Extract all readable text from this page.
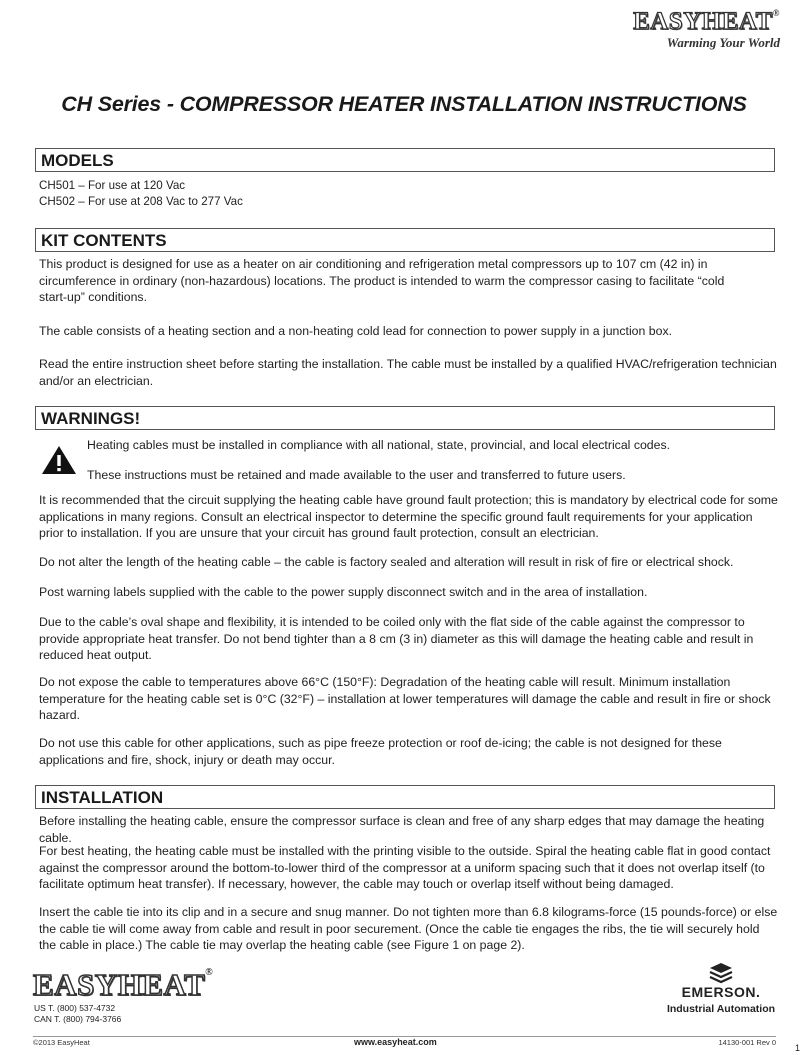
EASYHEAT®
Warming Your World
CH Series - COMPRESSOR HEATER INSTALLATION INSTRUCTIONS
MODELS

CH501 – For use at 120 Vac

CH502 – For use at 208 Vac to 277 Vac

KIT CONTENTS

This product is designed for use as a heater on air conditioning and refrigeration metal compressors up to 107 cm (42 in) in circumference in ordinary (non-hazardous) locations. The product is intended to warm the compressor casing to facilitate “cold start-up” conditions.

The cable consists of a heating section and a non-heating cold lead for connection to power supply in a junction box.

Read the entire instruction sheet before starting the installation. The cable must be installed by a qualified HVAC/refrigeration technician and/or an electrician.

WARNINGS!

Heating cables must be installed in compliance with all national, state, provincial, and local electrical codes.

These instructions must be retained and made available to the user and transferred to future users.

It is recommended that the circuit supplying the heating cable have ground fault protection; this is mandatory by electrical code for some applications in many regions. Consult an electrical inspector to determine the specific ground fault requirements for your application prior to installation. If you are unsure that your circuit has ground fault protection, consult an electrician.

Do not alter the length of the heating cable – the cable is factory sealed and alteration will result in risk of fire or electrical shock.

Post warning labels supplied with the cable to the power supply disconnect switch and in the area of installation.

Due to the cable’s oval shape and flexibility, it is intended to be coiled only with the flat side of the cable against the compressor to provide appropriate heat transfer. Do not bend tighter than a 8 cm (3 in) diameter as this will damage the heating cable and result in reduced heat output.

Do not expose the cable to temperatures above 66°C (150°F): Degradation of the heating cable will result. Minimum installation temperature for the heating cable set is 0°C (32°F) – installation at lower temperatures will damage the cable and result in fire or shock hazard.

Do not use this cable for other applications, such as pipe freeze protection or roof de-icing; the cable is not designed for these applications and fire, shock, injury or death may occur.

INSTALLATION

Before installing the heating cable, ensure the compressor surface is clean and free of any sharp edges that may damage the heating cable.

For best heating, the heating cable must be installed with the printing visible to the outside. Spiral the heating cable flat in good contact against the compressor around the bottom-to-lower third of the compressor at a uniform spacing such that it does not overlap itself (to facilitate optimum heat transfer). If necessary, however, the cable may touch or overlap itself without being damaged.

Insert the cable tie into its clip and in a secure and snug manner. Do not tighten more than 6.8 kilograms-force (15 pounds-force) or else the cable tie will come away from cable and result in poor securement. (Once the cable tie engages the ribs, the tie will securely hold the cable in place.) The cable tie may overlap the heating cable (see Figure 1 on page 2).

EASYHEAT®

US T. (800) 537-4732

CAN T. (800) 794-3766

EMERSON.
Industrial Automation

©2013 EasyHeat	www.easyheat.com	14130-001 Rev 0

1
